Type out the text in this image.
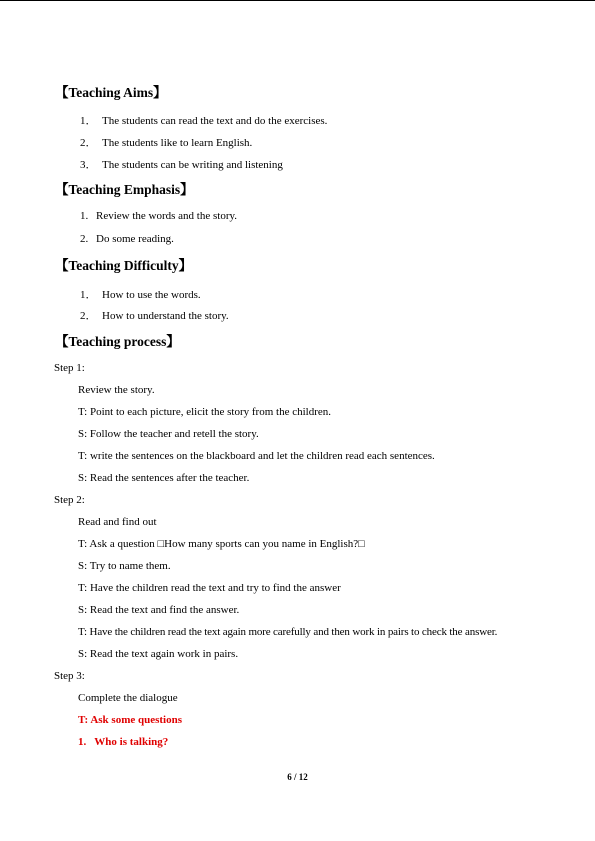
【Teaching Aims】
1． The students can read the text and do the exercises.
2． The students like to learn English.
3． The students can be writing and listening
【Teaching Emphasis】
1. Review the words and the story.
2. Do some reading.
【Teaching Difficulty】
1． How to use the words.
2． How to understand the story.
【Teaching process】
Step 1:
Review the story.
T: Point to each picture, elicit the story from the children.
S: Follow the teacher and retell the story.
T: write the sentences on the blackboard and let the children read each sentences.
S: Read the sentences after the teacher.
Step 2:
Read and find out
T: Ask a question □How many sports can you name in English?□
S: Try to name them.
T: Have the children read the text and try to find the answer
S: Read the text and find the answer.
T: Have the children read the text again more carefully and then work in pairs to check the answer.
S: Read the text again work in pairs.
Step 3:
Complete the dialogue
T: Ask some questions
1.   Who is talking?
6 / 12
